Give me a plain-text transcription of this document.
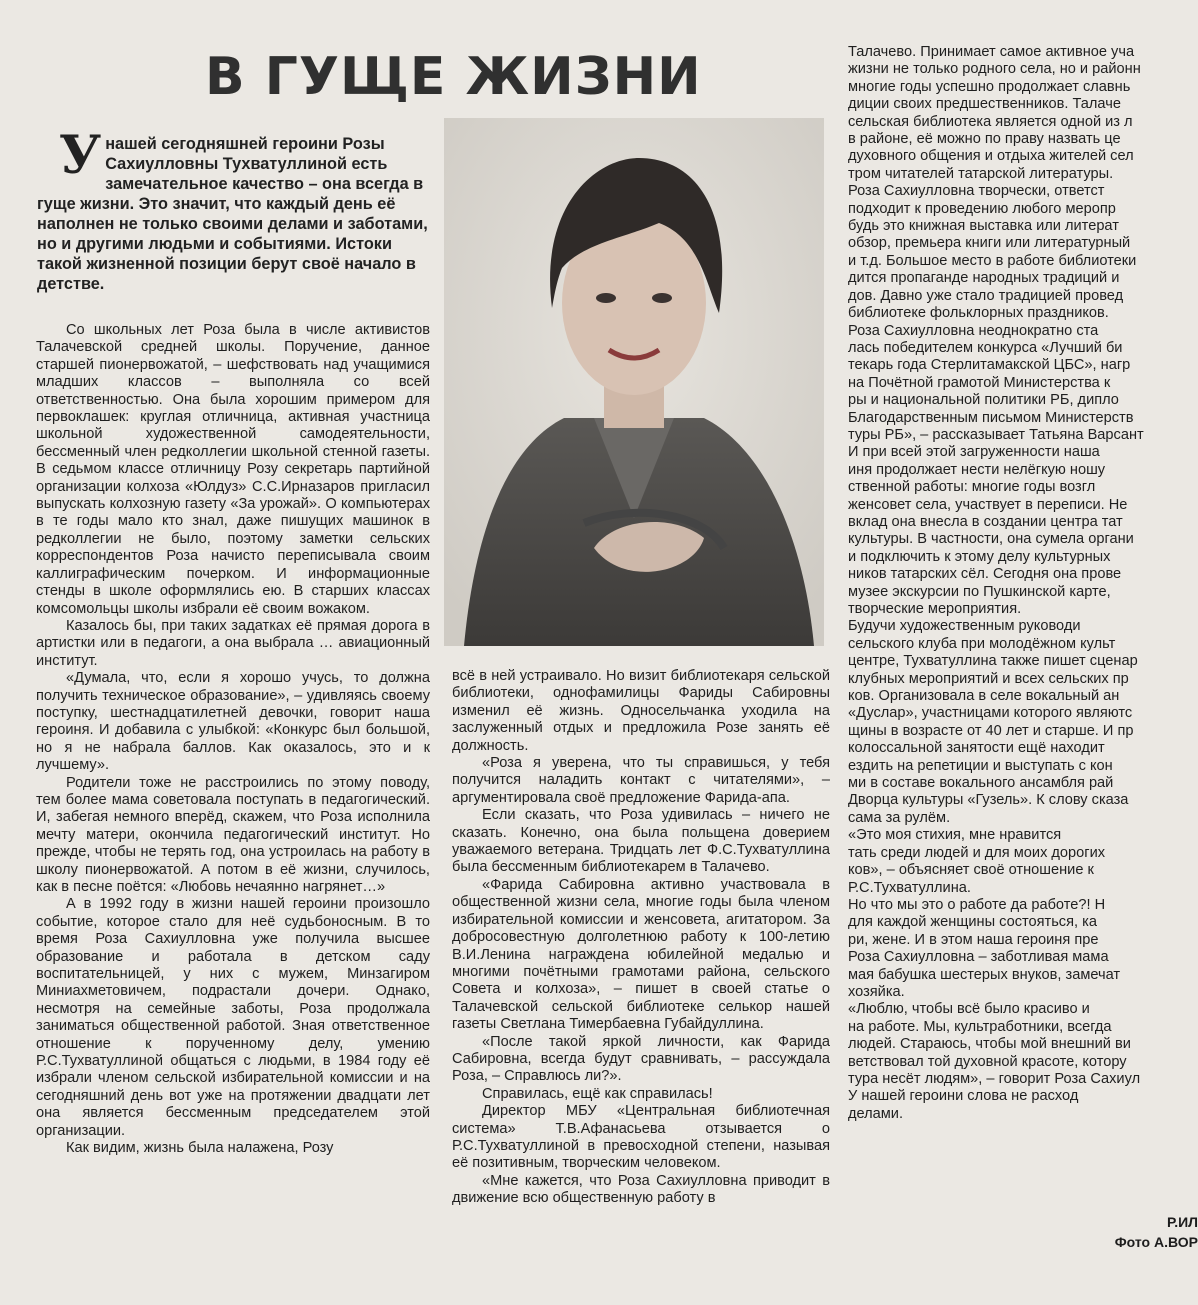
В ГУЩЕ ЖИЗНИ
У нашей сегодняшней героини Розы Сахиулловны Тухватуллиной есть замечательное качество – она всегда в гуще жизни. Это значит, что каждый день её наполнен не только своими делами и заботами, но и другими людьми и событиями. Истоки такой жизненной позиции берут своё начало в детстве.

Со школьных лет Роза была в числе активистов Талачевской средней школы. Поручение, данное старшей пионервожатой, – шефствовать над учащимися младших классов – выполняла со всей ответственностью. Она была хорошим примером для первоклашек: круглая отличница, активная участница школьной художественной самодеятельности, бессменный член редколлегии школьной стенной газеты. В седьмом классе отличницу Розу секретарь партийной организации колхоза «Юлдуз» С.С.Ирназаров пригласил выпускать колхозную газету «За урожай». О компьютерах в те годы мало кто знал, даже пишущих машинок в редколлегии не было, поэтому заметки сельских корреспондентов Роза начисто переписывала своим каллиграфическим почерком. И информационные стенды в школе оформлялись ею. В старших классах комсомольцы школы избрали её своим вожаком.

Казалось бы, при таких задатках её прямая дорога в артистки или в педагоги, а она выбрала … авиационный институт.

«Думала, что, если я хорошо учусь, то должна получить техническое образование», – удивляясь своему поступку, шестнадцатилетней девочки, говорит наша героиня. И добавила с улыбкой: «Конкурс был большой, но я не набрала баллов. Как оказалось, это и к лучшему».

Родители тоже не расстроились по этому поводу, тем более мама советовала поступать в педагогический. И, забегая немного вперёд, скажем, что Роза исполнила мечту матери, окончила педагогический институт. Но прежде, чтобы не терять год, она устроилась на работу в школу пионервожатой. А потом в её жизни, случилось, как в песне поётся: «Любовь нечаянно нагрянет…»

А в 1992 году в жизни нашей героини произошло событие, которое стало для неё судьбоносным. В то время Роза Сахиулловна уже получила высшее образование и работала в детском саду воспитательницей, у них с мужем, Минзагиром Миниахметовичем, подрастали дочери. Однако, несмотря на семейные заботы, Роза продолжала заниматься общественной работой. Зная ответственное отношение к порученному делу, умению Р.С.Тухватуллиной общаться с людьми, в 1984 году её избрали членом сельской избирательной комиссии и на сегодняшний день вот уже на протяжении двадцати лет она является бессменным председателем этой организации.

Как видим, жизнь была налажена, Розу

всё в ней устраивало. Но визит библиотекаря сельской библиотеки, однофамилицы Фариды Сабировны изменил её жизнь. Односельчанка уходила на заслуженный отдых и предложила Розе занять её должность.

«Роза я уверена, что ты справишься, у тебя получится наладить контакт с читателями», – аргументировала своё предложение Фарида-апа.

Если сказать, что Роза удивилась – ничего не сказать. Конечно, она была польщена доверием уважаемого ветерана. Тридцать лет Ф.С.Тухватуллина была бессменным библиотекарем в Талачево.

«Фарида Сабировна активно участвовала в общественной жизни села, многие годы была членом избирательной комиссии и женсовета, агитатором. За добросовестную долголетнюю работу к 100-летию В.И.Ленина награждена юбилейной медалью и многими почётными грамотами района, сельского Совета и колхоза», – пишет в своей статье о Талачевской сельской библиотеке селькор нашей газеты Светлана Тимербаевна Губайдуллина.

«После такой яркой личности, как Фарида Сабировна, всегда будут сравнивать, – рассуждала Роза, – Справлюсь ли?».

Справилась, ещё как справилась!

Директор МБУ «Центральная библиотечная система» Т.В.Афанасьева отзывается о Р.С.Тухватуллиной в превосходной степени, называя её позитивным, творческим человеком.

«Мне кажется, что Роза Сахиулловна приводит в движение всю общественную работу в

Талачево. Принимает самое активное уча
жизни не только родного села, но и районн
многие годы успешно продолжает славнь
диции своих предшественников. Талаче
сельская библиотека является одной из л
в районе, её можно по праву назвать це
духовного общения и отдыха жителей сел
тром читателей татарской литературы.
Роза Сахиулловна творчески, ответст
подходит к проведению любого меропр
будь это книжная выставка или литерат
обзор, премьера книги или литературный
и т.д. Большое место в работе библиотеки
дится пропаганде народных традиций и
дов. Давно уже стало традицией провед
библиотеке фольклорных праздников.
Роза Сахиулловна неоднократно ста
лась победителем конкурса «Лучший би
текарь года Стерлитамакской ЦБС», нагр
на Почётной грамотой Министерства к
ры и национальной политики РБ, дипло
Благодарственным письмом Министерств
туры РБ», – рассказывает Татьяна Варсант
И при всей этой загруженности наша
иня продолжает нести нелёгкую ношу
ственной работы: многие годы возгл
женсовет села, участвует в переписи. Не
вклад она внесла в создании центра тат
культуры. В частности, она сумела органи
и подключить к этому делу культурных
ников татарских сёл. Сегодня она прове
музее экскурсии по Пушкинской карте,
творческие мероприятия.
Будучи художественным руководи
сельского клуба при молодёжном культ
центре, Тухватуллина также пишет сценар
клубных мероприятий и всех сельских пр
ков. Организовала в селе вокальный ан
«Дуслар», участницами которого являютс
щины в возрасте от 40 лет и старше. И пр
колоссальной занятости ещё находит
ездить на репетиции и выступать с кон
ми в составе вокального ансамбля рай
Дворца культуры «Гузель». К слову сказа
сама за рулём.
«Это моя стихия, мне нравится
тать среди людей и для моих дорогих
ков», – объясняет своё отношение к
Р.С.Тухватуллина.
Но что мы это о работе да работе?! Н
для каждой женщины состояться, ка
ри, жене. И в этом наша героиня пре
Роза Сахиулловна – заботливая мама
мая бабушка шестерых внуков, замечат
хозяйка.
«Люблю, чтобы всё было красиво и
на работе. Мы, культработники, всегда
людей. Стараюсь, чтобы мой внешний ви
ветствовал той духовной красоте, котору
тура несёт людям», – говорит Роза Сахиул
У нашей героини слова не расход
делами.
Р.ИЛ
Фото А.ВОР
